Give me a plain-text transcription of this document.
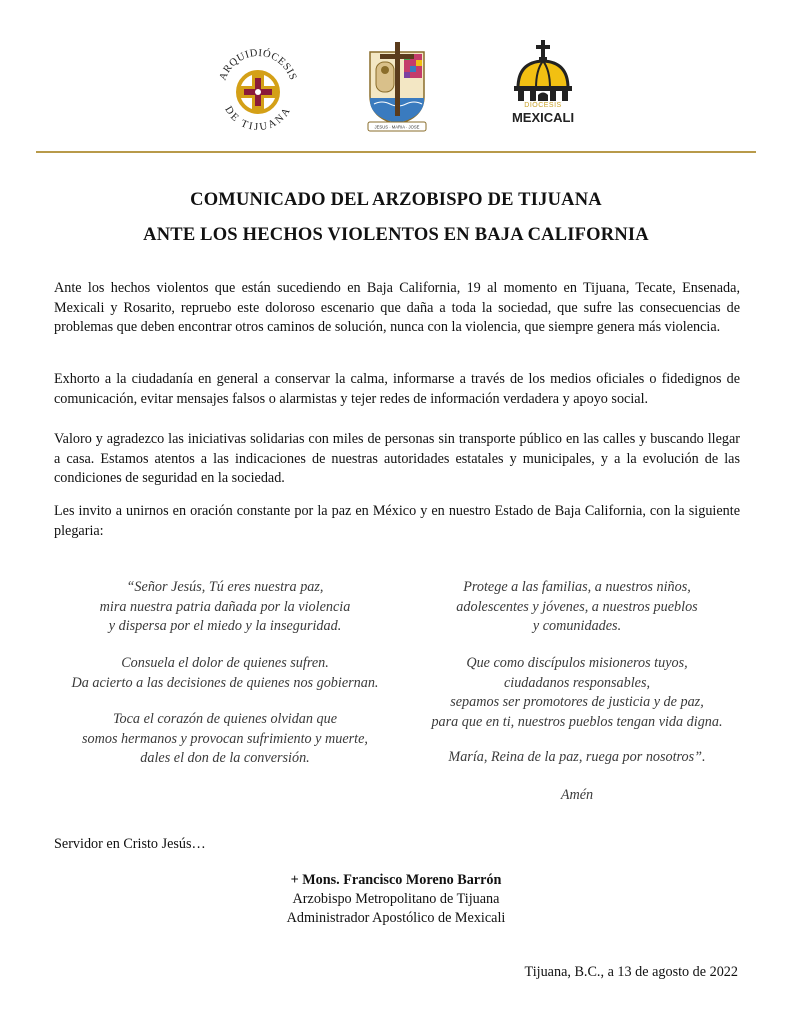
ARQUIDIÓCESIS
DE TIJUANA
JESUS · MARIA · JOSE
DIÓCESIS
MEXICALI
COMUNICADO DEL ARZOBISPO DE TIJUANA
ANTE LOS HECHOS VIOLENTOS EN BAJA CALIFORNIA

Ante los hechos violentos que están sucediendo en Baja California, 19 al momento en Tijuana, Tecate, Ensenada, Mexicali y Rosarito, repruebo este doloroso escenario que daña a toda la sociedad, que sufre las consecuencias de problemas que deben encontrar otros caminos de solución, nunca con la violencia, que siempre genera más violencia.

Exhorto a la ciudadanía en general a conservar la calma, informarse a través de los medios oficiales o fidedignos de comunicación, evitar mensajes falsos o alarmistas y tejer redes de información verdadera y apoyo social.

Valoro y agradezco las iniciativas solidarias con miles de personas sin transporte público en las calles y buscando llegar a casa. Estamos atentos a las indicaciones de nuestras autoridades estatales y municipales, y a la evolución de las condiciones de seguridad en la sociedad.

Les invito a unirnos en oración constante por la paz en México y en nuestro Estado de Baja California, con la siguiente plegaria:

“Señor Jesús, Tú eres nuestra paz,
mira nuestra patria dañada por la violencia
y dispersa por el miedo y la inseguridad.
Consuela el dolor de quienes sufren.
Da acierto a las decisiones de quienes nos gobiernan.
Toca el corazón de quienes olvidan que
somos hermanos y provocan sufrimiento y muerte,
dales el don de la conversión.
Protege a las familias, a nuestros niños,
adolescentes y jóvenes, a nuestros pueblos
y comunidades.
Que como discípulos misioneros tuyos,
ciudadanos responsables,
sepamos ser promotores de justicia y de paz,
para que en ti, nuestros pueblos tengan vida digna.
María, Reina de la paz, ruega por nosotros”.
Amén
Servidor en Cristo Jesús…
+ Mons. Francisco Moreno Barrón
Arzobispo Metropolitano de Tijuana
Administrador Apostólico de Mexicali
Tijuana, B.C., a 13 de agosto de 2022
